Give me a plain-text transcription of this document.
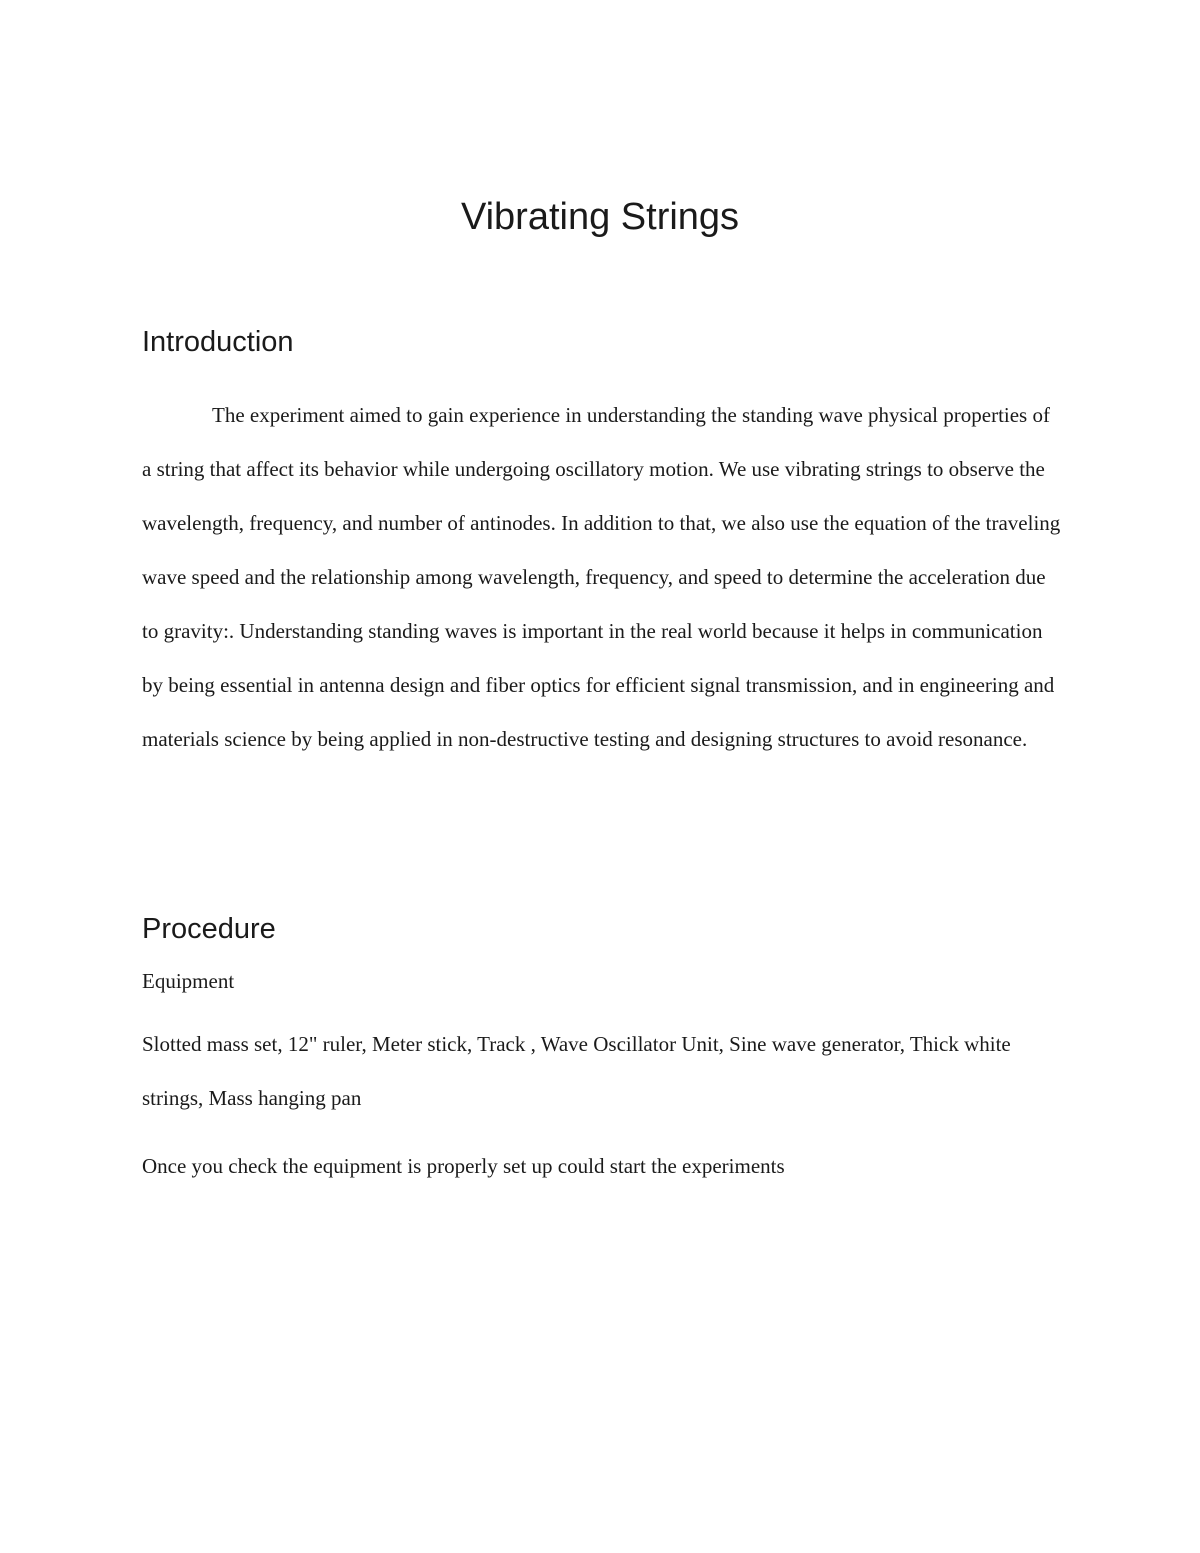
Vibrating Strings
Introduction

The experiment aimed to gain experience in understanding the standing wave physical properties of a string that affect its behavior while undergoing oscillatory motion. We use vibrating strings to observe the wavelength, frequency, and number of antinodes. In addition to that, we also use the equation of the traveling wave speed and the relationship among wavelength, frequency, and speed to determine the acceleration due to gravity:. Understanding standing waves is important in the real world because it helps in communication by being essential in antenna design and fiber optics for efficient signal transmission, and in engineering and materials science by being applied in non-destructive testing and designing structures to avoid resonance.

Procedure

Equipment

Slotted mass set, 12" ruler, Meter stick, Track , Wave Oscillator Unit, Sine wave generator, Thick white strings, Mass hanging pan

Once you check the equipment is properly set up could start the experiments
